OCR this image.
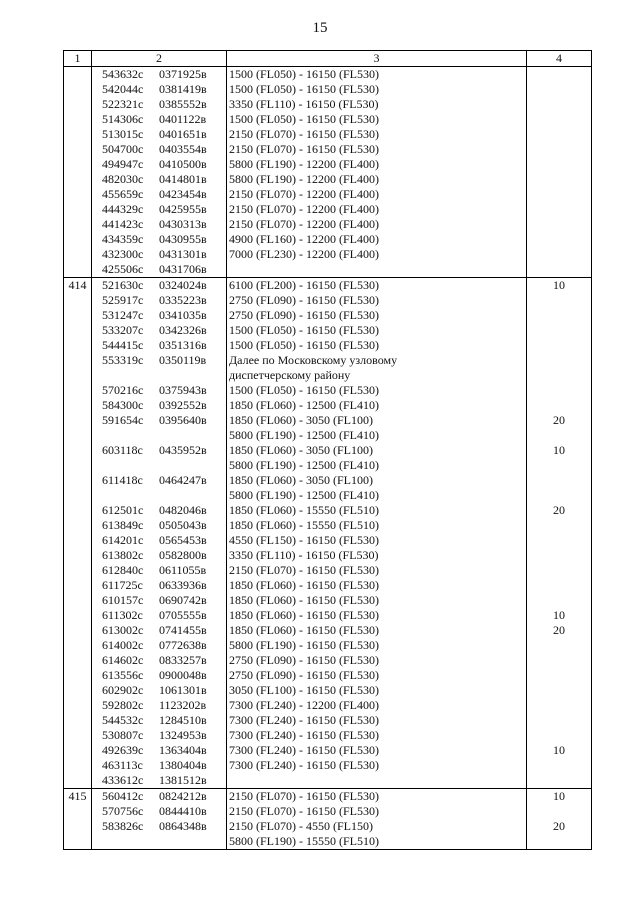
15
1	2	3	4
	543632с 0371925в	1500 (FL050) - 16150 (FL530)	
	542044с 0381419в	1500 (FL050) - 16150 (FL530)	
	522321с 0385552в	3350 (FL110) - 16150 (FL530)	
	514306с 0401122в	1500 (FL050) - 16150 (FL530)	
	513015с 0401651в	2150 (FL070) - 16150 (FL530)	
	504700с 0403554в	2150 (FL070) - 16150 (FL530)	
	494947с 0410500в	5800 (FL190) - 12200 (FL400)	
	482030с 0414801в	5800 (FL190) - 12200 (FL400)	
	455659с 0423454в	2150 (FL070) - 12200 (FL400)	
	444329с 0425955в	2150 (FL070) - 12200 (FL400)	
	441423с 0430313в	2150 (FL070) - 12200 (FL400)	
	434359с 0430955в	4900 (FL160) - 12200 (FL400)	
	432300с 0431301в	7000 (FL230) - 12200 (FL400)	
	425506с 0431706в		
414	521630с 0324024в	6100 (FL200) - 16150 (FL530)	10
	525917с 0335223в	2750 (FL090) - 16150 (FL530)	
	531247с 0341035в	2750 (FL090) - 16150 (FL530)	
	533207с 0342326в	1500 (FL050) - 16150 (FL530)	
	544415с 0351316в	1500 (FL050) - 16150 (FL530)	
	553319с 0350119в	Далее по Московскому узловому	
		диспетчерскому району	
	570216с 0375943в	1500 (FL050) - 16150 (FL530)	
	584300с 0392552в	1850 (FL060) - 12500 (FL410)	
	591654с 0395640в	1850 (FL060) - 3050 (FL100)	20
		5800 (FL190) - 12500 (FL410)	
	603118с 0435952в	1850 (FL060) - 3050 (FL100)	10
		5800 (FL190) - 12500 (FL410)	
	611418с 0464247в	1850 (FL060) - 3050 (FL100)	
		5800 (FL190) - 12500 (FL410)	
	612501с 0482046в	1850 (FL060) - 15550 (FL510)	20
	613849с 0505043в	1850 (FL060) - 15550 (FL510)	
	614201с 0565453в	4550 (FL150) - 16150 (FL530)	
	613802с 0582800в	3350 (FL110) - 16150 (FL530)	
	612840с 0611055в	2150 (FL070) - 16150 (FL530)	
	611725с 0633936в	1850 (FL060) - 16150 (FL530)	
	610157с 0690742в	1850 (FL060) - 16150 (FL530)	
	611302с 0705555в	1850 (FL060) - 16150 (FL530)	10
	613002с 0741455в	1850 (FL060) - 16150 (FL530)	20
	614002с 0772638в	5800 (FL190) - 16150 (FL530)	
	614602с 0833257в	2750 (FL090) - 16150 (FL530)	
	613556с 0900048в	2750 (FL090) - 16150 (FL530)	
	602902с 1061301в	3050 (FL100) - 16150 (FL530)	
	592802с 1123202в	7300 (FL240) - 12200 (FL400)	
	544532с 1284510в	7300 (FL240) - 16150 (FL530)	
	530807с 1324953в	7300 (FL240) - 16150 (FL530)	
	492639с 1363404в	7300 (FL240) - 16150 (FL530)	10
	463113с 1380404в	7300 (FL240) - 16150 (FL530)	
	433612с 1381512в		
415	560412с 0824212в	2150 (FL070) - 16150 (FL530)	10
	570756с 0844410в	2150 (FL070) - 16150 (FL530)	
	583826с 0864348в	2150 (FL070) - 4550 (FL150)	20
		5800 (FL190) - 15550 (FL510)	
